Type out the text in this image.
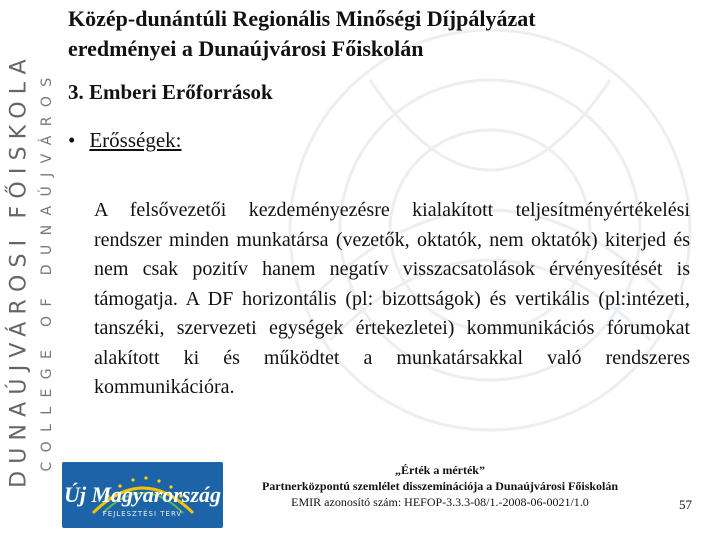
DUNAÚJVÁROSI FŐISKOLA COLLEGE OF DUNAÚJVÁROS
Közép-dunántúli Regionális Minőségi Díjpályázat
eredményei a Dunaújvárosi Főiskolán
3. Emberi Erőforrások
• Erősségek:
A felsővezetői kezdeményezésre kialakított teljesítményértékelési rendszer minden munkatársa (vezetők, oktatók, nem oktatók) kiterjed és nem csak pozitív hanem negatív visszacsatolások érvényesítését is támogatja. A DF horizontális (pl: bizottságok) és vertikális (pl:intézeti, tanszéki, szervezeti egységek értekezletei) kommunikációs fórumokat alakított ki és működtet a munkatársakkal való rendszeres kommunikációra.
Új Magyarország
FEJLESZTÉSI TERV
„Érték a mérték”
Partnerközpontú szemlélet disszeminációja a Dunaújvárosi Főiskolán
EMIR azonosító szám: HEFOP-3.3.3-08/1.-2008-06-0021/1.0	57
